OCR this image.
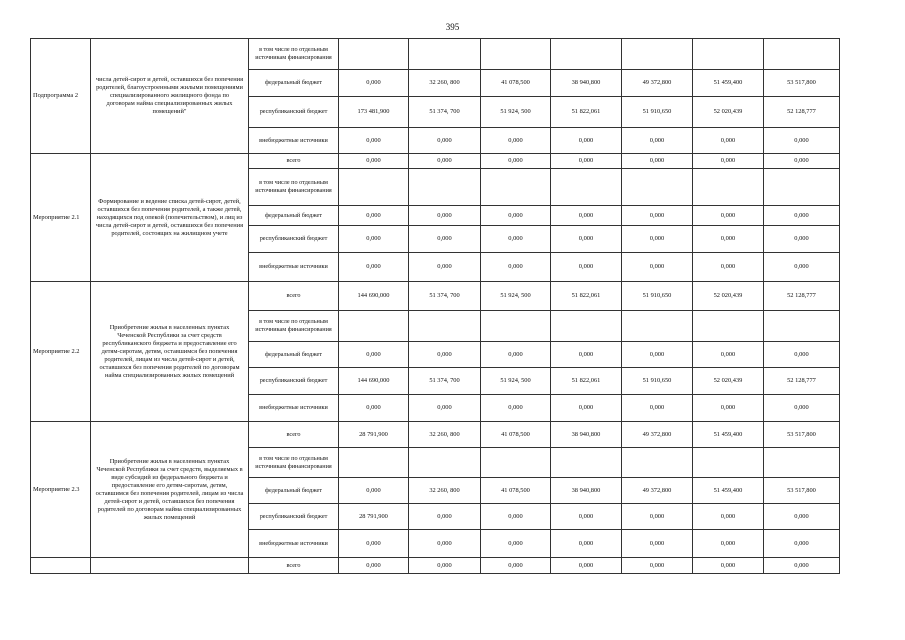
395
Подпрограмма 2	числа детей-сирот и детей, оставшихся без попечения родителей, благоустроенными жилыми помещениями специализированного жилищного фонда по договорам найма специализированных жилых помещений"	в том числе по отдельным источникам финансирования							
		федеральный бюджет	0,000	32 260, 800	41 078,500	38 940,800	49 372,800	51 459,400	53 517,800
		республиканский бюджет	173 481,900	51 374, 700	51 924, 500	51 822,061	51 910,650	52 020,439	52 128,777
		внебюджетные источники	0,000	0,000	0,000	0,000	0,000	0,000	0,000
Мероприятие 2.1	Формирование и ведение списка детей-сирот, детей, оставшихся без попечения родителей, а также детей, находящихся под опекой (попечительством), и лиц из числа детей-сирот и детей, оставшихся без попечения родителей, состоящих на жилищном учете	всего	0,000	0,000	0,000	0,000	0,000	0,000	0,000
		в том числе по отдельным источникам финансирования							
		федеральный бюджет	0,000	0,000	0,000	0,000	0,000	0,000	0,000
		республиканский бюджет	0,000	0,000	0,000	0,000	0,000	0,000	0,000
		внебюджетные источники	0,000	0,000	0,000	0,000	0,000	0,000	0,000
Мероприятие 2.2	Приобретение жилья в населенных пунктах Чеченской Республики за счет средств республиканского бюджета и предоставление его детям-сиротам, детям, оставшимся без попечения родителей, лицам из числа детей-сирот и детей, оставшихся без попечения родителей по договорам найма специализированных жилых помещений	всего	144 690,000	51 374, 700	51 924, 500	51 822,061	51 910,650	52 020,439	52 128,777
		в том числе по отдельным источникам финансирования							
		федеральный бюджет	0,000	0,000	0,000	0,000	0,000	0,000	0,000
		республиканский бюджет	144 690,000	51 374, 700	51 924, 500	51 822,061	51 910,650	52 020,439	52 128,777
		внебюджетные источники	0,000	0,000	0,000	0,000	0,000	0,000	0,000
Мероприятие 2.3	Приобретение жилья в населенных пунктах Чеченской Республики за счет средств, выделяемых в виде субсидий из федерального бюджета и предоставление его детям-сиротам, детям, оставшимся без попечения родителей, лицам из числа детей-сирот и детей, оставшихся без попечения родителей по договорам найма специализированных жилых помещений	всего	28 791,900	32 260, 800	41 078,500	38 940,800	49 372,800	51 459,400	53 517,800
		в том числе по отдельным источникам финансирования							
		федеральный бюджет	0,000	32 260, 800	41 078,500	38 940,800	49 372,800	51 459,400	53 517,800
		республиканский бюджет	28 791,900	0,000	0,000	0,000	0,000	0,000	0,000
		внебюджетные источники	0,000	0,000	0,000	0,000	0,000	0,000	0,000
		всего	0,000	0,000	0,000	0,000	0,000	0,000	0,000
